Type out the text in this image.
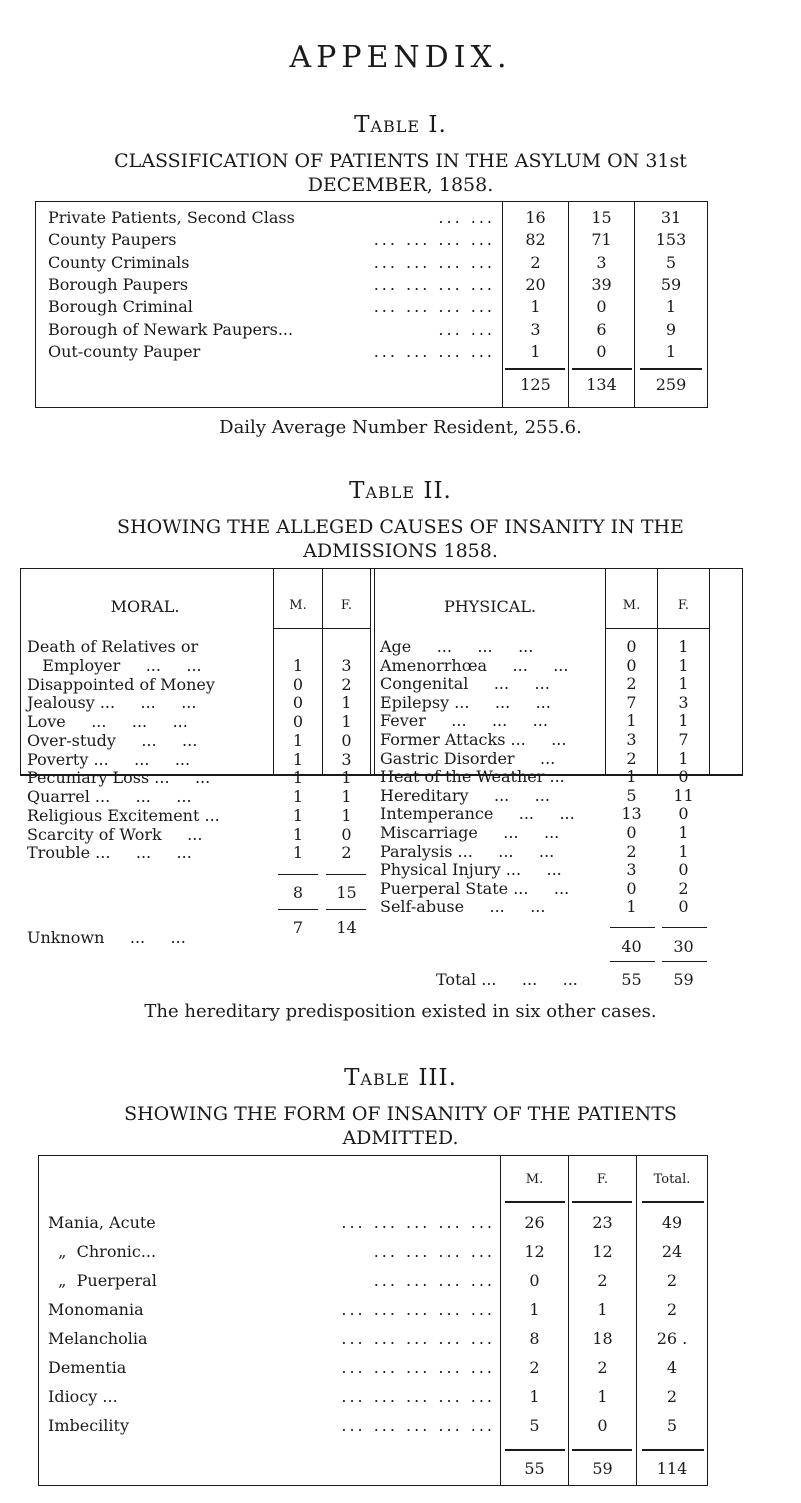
APPENDIX.
Table I.
CLASSIFICATION OF PATIENTS IN THE ASYLUM ON 31st
DECEMBER, 1858.
Private Patients, Second Class	... ...	16	15	31
County Paupers	... ... ... ...	82	71	153
County Criminals	... ... ... ...	2	3	5
Borough Paupers	... ... ... ...	20	39	59
Borough Criminal	... ... ... ...	1	0	1
Borough of Newark Paupers...	... ...	3	6	9
Out-county Pauper	... ... ... ...	1	0	1
125	134	259
Daily Average Number Resident, 255.6.
Table II.
SHOWING THE ALLEGED CAUSES OF INSANITY IN THE
ADMISSIONS 1858.
MORAL.	M.	F.	PHYSICAL.	M.	F.
Death of Relatives or
Employer     ...     ...	1	3
Disappointed of Money	0	2
Jealousy ...     ...     ...	0	1
Love     ...     ...     ...	0	1
Over-study     ...     ...	1	0
Poverty ...     ...     ...	1	3
Pecuniary Loss ...     ...	1	1
Quarrel ...     ...     ...	1	1
Religious Excitement ...	1	1
Scarcity of Work     ...	1	0
Trouble ...     ...     ...	1	2
8	15
Unknown     ...     ...
7	14
Age     ...     ...     ...	0	1
Amenorrhœa     ...     ...	0	1
Congenital     ...     ...	2	1
Epilepsy ...     ...     ...	7	3
Fever     ...     ...     ...	1	1
Former Attacks ...     ...	3	7
Gastric Disorder     ...	2	1
Heat of the Weather ...	1	0
Hereditary     ...     ...	5	11
Intemperance     ...     ...	13	0
Miscarriage     ...     ...	0	1
Paralysis ...     ...     ...	2	1
Physical Injury ...     ...	3	0
Puerperal State ...     ...	0	2
Self-abuse     ...     ...	1	0
40	30
Total ...     ...     ...	55	59
The hereditary predisposition existed in six other cases.
Table III.
SHOWING THE FORM OF INSANITY OF THE PATIENTS
ADMITTED.
M.	F.	Total.
Mania, Acute	... ... ... ... ...	26	23	49
„  Chronic...	... ... ... ...	12	12	24
„  Puerperal	... ... ... ...	0	2	2
Monomania	... ... ... ... ...	1	1	2
Melancholia	... ... ... ... ...	8	18	26 .
Dementia	... ... ... ... ...	2	2	4
Idiocy ...	... ... ... ... ...	1	1	2
Imbecility	... ... ... ... ...	5	0	5
55	59	114
